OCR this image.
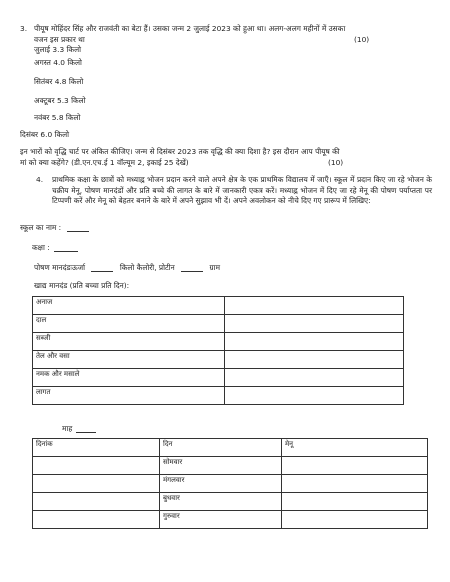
3. पीयूष मोहिंदर सिंह और राजवंती का बेटा हैं। उसका जन्म 2 जुलाई 2023 को हुआ था। अलग-अलग महीनों में उसका
वजन इस प्रकार था	(10)
जुलाई 3.3 किलो
अगस्त 4.0 किलो
सितंबर 4.8 किलो
अक्टूबर 5.3 किलो
नवंबर 5.8 किलो
दिसंबर 6.0 किलो
इन भारों को वृद्धि चार्ट पर अंकित कीजिए। जन्म से दिसंबर 2023 तक वृद्धि की क्या दिशा है? इस दौरान आप पीयूष की
मां को क्या कहेंगे? (डी.एन.एच.ई 1 वॉल्यूम 2, इकाई 25 देखें)	(10)
4. प्राथमिक कक्षा के छात्रों को मध्याह्न भोजन प्रदान करने वाले अपने क्षेत्र के एक प्राथमिक विद्यालय में जाएँ। स्कूल में प्रदान किए जा रहे भोजन के चक्रीय मेनू, पोषण मानदंडों और प्रति बच्चे की लागत के बारे में जानकारी एकत्र करें। मध्याह्न भोजन में दिए जा रहे मेनू की पोषण पर्याप्तता पर टिप्पणी करें और मेनू को बेहतर बनाने के बारे में अपने सुझाव भी दें। अपने अवलोकन को नीचे दिए गए प्रारूप में लिखिए:
स्कूल का नाम :
कक्षा :
पोषण मानदंडःऊर्जा	किलो कैलोरी, प्रोटीन	ग्राम
खाद्य मानदंड (प्रति बच्चा प्रति दिन):
अनाज	
दाल	
सब्जी	
तेल और वसा	
नमक और मसाले	
लागत	
माह
दिनांक	दिन	मेनू
	सोमवार	
	मंगलवार	
	बुधवार	
	गुरुवार	
